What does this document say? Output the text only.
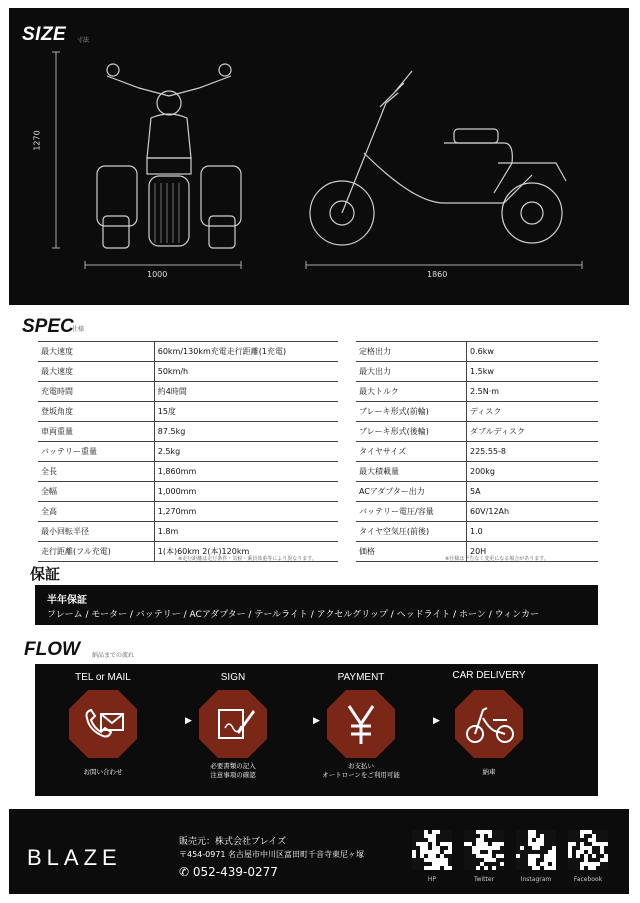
SIZE 寸法
1270
1000	1860
SPEC
仕様
最大速度	60km/130km充電走行距離(1充電)
最大速度	50km/h
充電時間	約4時間
登坂角度	15度
車両重量	87.5kg
バッテリー重量	2.5kg
全長	1,860mm
全幅	1,000mm
全高	1,270mm
最小回転半径	1.8m
走行距離(フル充電)	1(本)60km 2(本)120km
定格出力	0.6kw
最大出力	1.5kw
最大トルク	2.5N·m
ブレーキ形式(前輪)	ディスク
ブレーキ形式(後輪)	ダブルディスク
タイヤサイズ	225.55-8
最大積載量	200kg
ACアダプター出力	5A
バッテリー電圧/容量	60V/12Ah
タイヤ空気圧(前後)	1.0
価格	20H
※走行距離は走行条件・気候・乗員体重等により異なります。	※仕様は予告なく変更になる場合があります。
保証
半年保証
フレーム / モーター / バッテリー / ACアダプター / テールライト / アクセルグリップ / ヘッドライト / ホーン / ウィンカー
FLOW 納品までの流れ
TEL or MAIL
お問い合わせ
▶
SIGN
必要書類の記入
注意事項の確認
▶
PAYMENT
お支払い
オートローンをご利用可能
▶
CAR DELIVERY
納車
BLAZE
販売元：株式会社ブレイズ
〒454-0971 名古屋市中川区富田町千音寺東尼ヶ塚
✆ 052-439-0277
HP	Twitter	Instagram	Facebook
